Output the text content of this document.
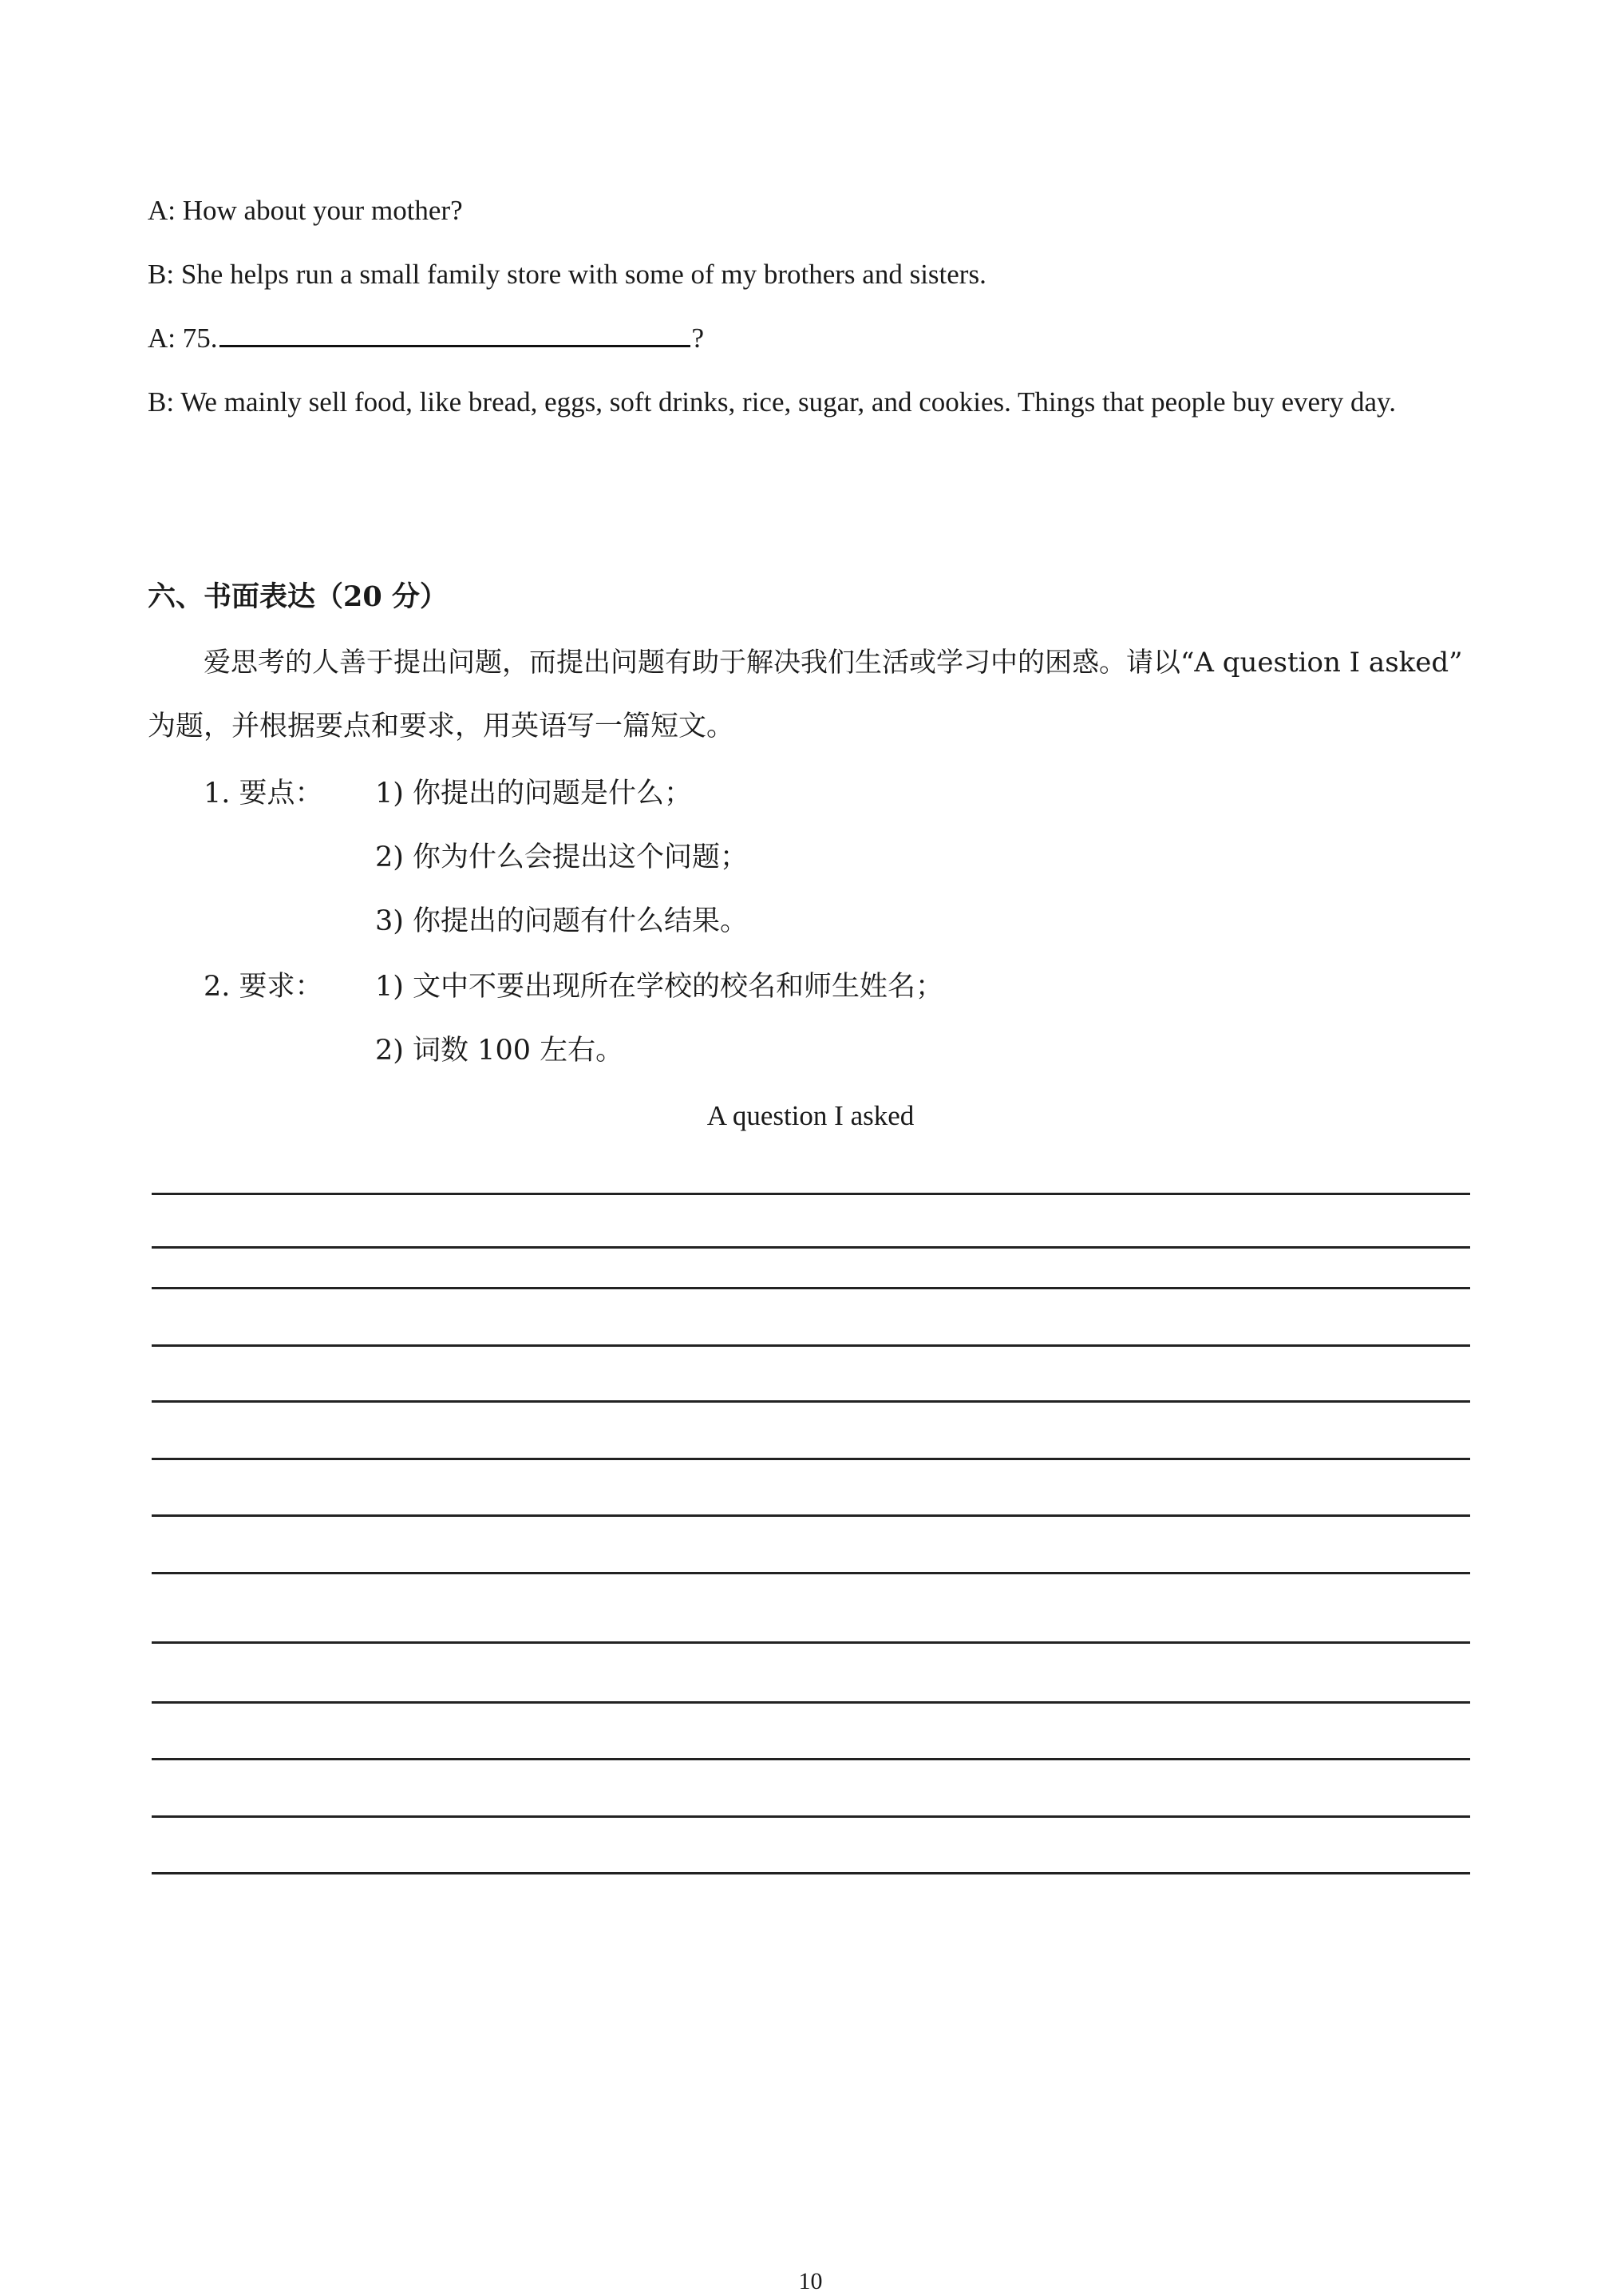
A: How about your mother?
B: She helps run a small family store with some of my brothers and sisters.
A: 75.	?
B: We mainly sell food, like bread, eggs, soft drinks, rice, sugar, and cookies. Things that people buy every day.
六、书面表达（20 分）
爱思考的人善于提出问题，而提出问题有助于解决我们生活或学习中的困惑。请以“A question I asked”
为题，并根据要点和要求，用英语写一篇短文。
1. 要点： 1) 你提出的问题是什么；
2) 你为什么会提出这个问题；
3) 你提出的问题有什么结果。
2. 要求： 1) 文中不要出现所在学校的校名和师生姓名；
2) 词数 100 左右。
A question I asked
10
